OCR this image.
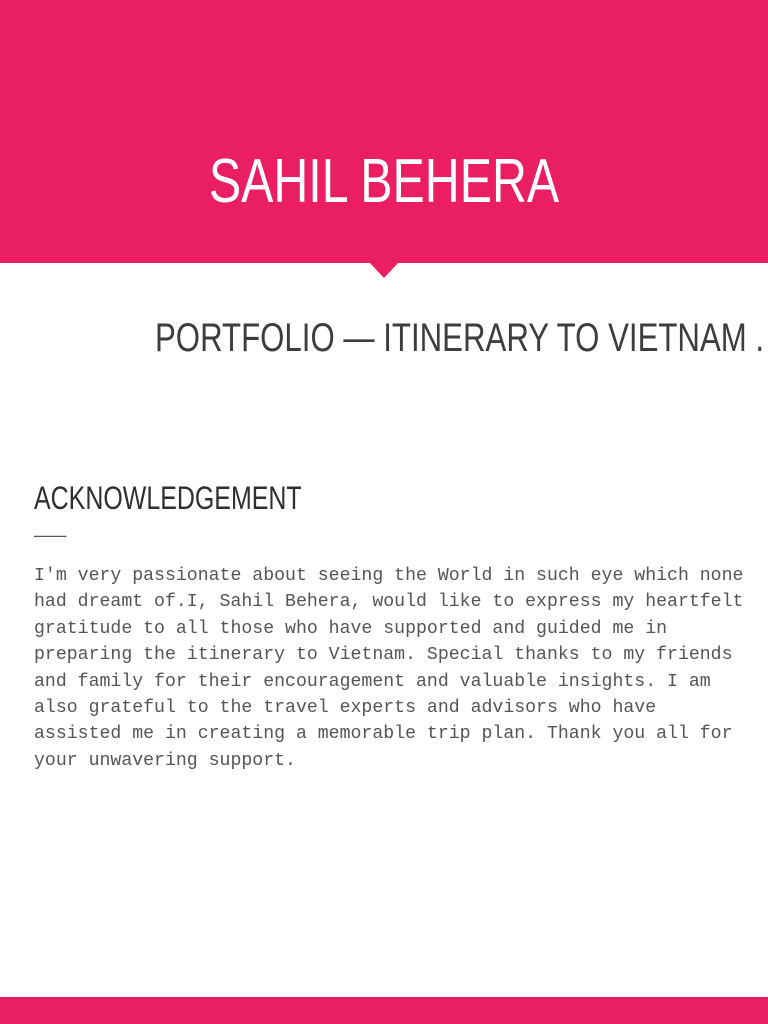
SAHIL BEHERA
PORTFOLIO — ITINERARY TO VIETNAM .
ACKNOWLEDGEMENT
———

I'm very passionate about seeing the World in such eye which none had dreamt of.I, Sahil Behera, would like to express my heartfelt gratitude to all those who have supported and guided me in preparing the itinerary to Vietnam. Special thanks to my friends and family for their encouragement and valuable insights. I am also grateful to the travel experts and advisors who have assisted me in creating a memorable trip plan. Thank you all for your unwavering support.
